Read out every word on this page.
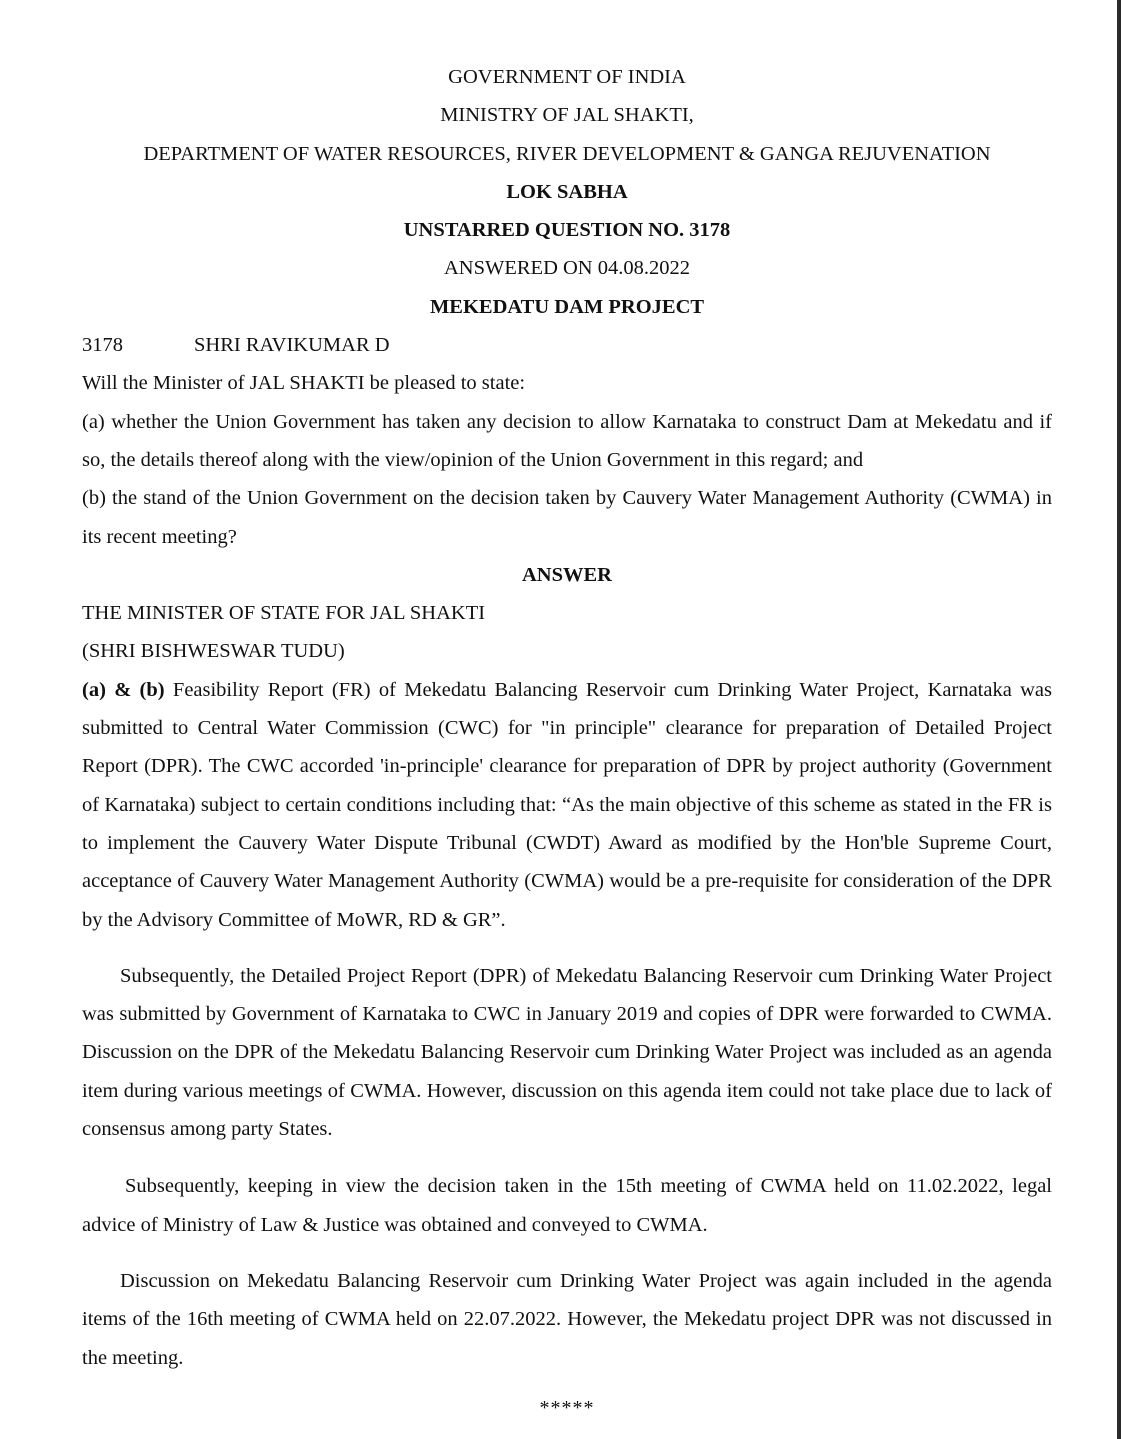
GOVERNMENT OF INDIA
MINISTRY OF JAL SHAKTI,
DEPARTMENT OF WATER RESOURCES, RIVER DEVELOPMENT & GANGA REJUVENATION
LOK SABHA
UNSTARRED QUESTION NO. 3178
ANSWERED ON 04.08.2022
MEKEDATU DAM PROJECT
3178	SHRI RAVIKUMAR D

Will the Minister of JAL SHAKTI be pleased to state:

(a) whether the Union Government has taken any decision to allow Karnataka to construct Dam at Mekedatu and if so, the details thereof along with the view/opinion of the Union Government in this regard; and

(b) the stand of the Union Government on the decision taken by Cauvery Water Management Authority (CWMA) in its recent meeting?

ANSWER

THE MINISTER OF STATE FOR JAL SHAKTI

(SHRI BISHWESWAR TUDU)

(a) & (b) Feasibility Report (FR) of Mekedatu Balancing Reservoir cum Drinking Water Project, Karnataka was submitted to Central Water Commission (CWC) for "in principle" clearance for preparation of Detailed Project Report (DPR). The CWC accorded 'in-principle' clearance for preparation of DPR by project authority (Government of Karnataka) subject to certain conditions including that: “As the main objective of this scheme as stated in the FR is to implement the Cauvery Water Dispute Tribunal (CWDT) Award as modified by the Hon'ble Supreme Court, acceptance of Cauvery Water Management Authority (CWMA) would be a pre-requisite for consideration of the DPR by the Advisory Committee of MoWR, RD & GR”.

Subsequently, the Detailed Project Report (DPR) of Mekedatu Balancing Reservoir cum Drinking Water Project was submitted by Government of Karnataka to CWC in January 2019 and copies of DPR were forwarded to CWMA. Discussion on the DPR of the Mekedatu Balancing Reservoir cum Drinking Water Project was included as an agenda item during various meetings of CWMA. However, discussion on this agenda item could not take place due to lack of consensus among party States.

Subsequently, keeping in view the decision taken in the 15th meeting of CWMA held on 11.02.2022, legal advice of Ministry of Law & Justice was obtained and conveyed to CWMA.

Discussion on Mekedatu Balancing Reservoir cum Drinking Water Project was again included in the agenda items of the 16th meeting of CWMA held on 22.07.2022. However, the Mekedatu project DPR was not discussed in the meeting.

*****
